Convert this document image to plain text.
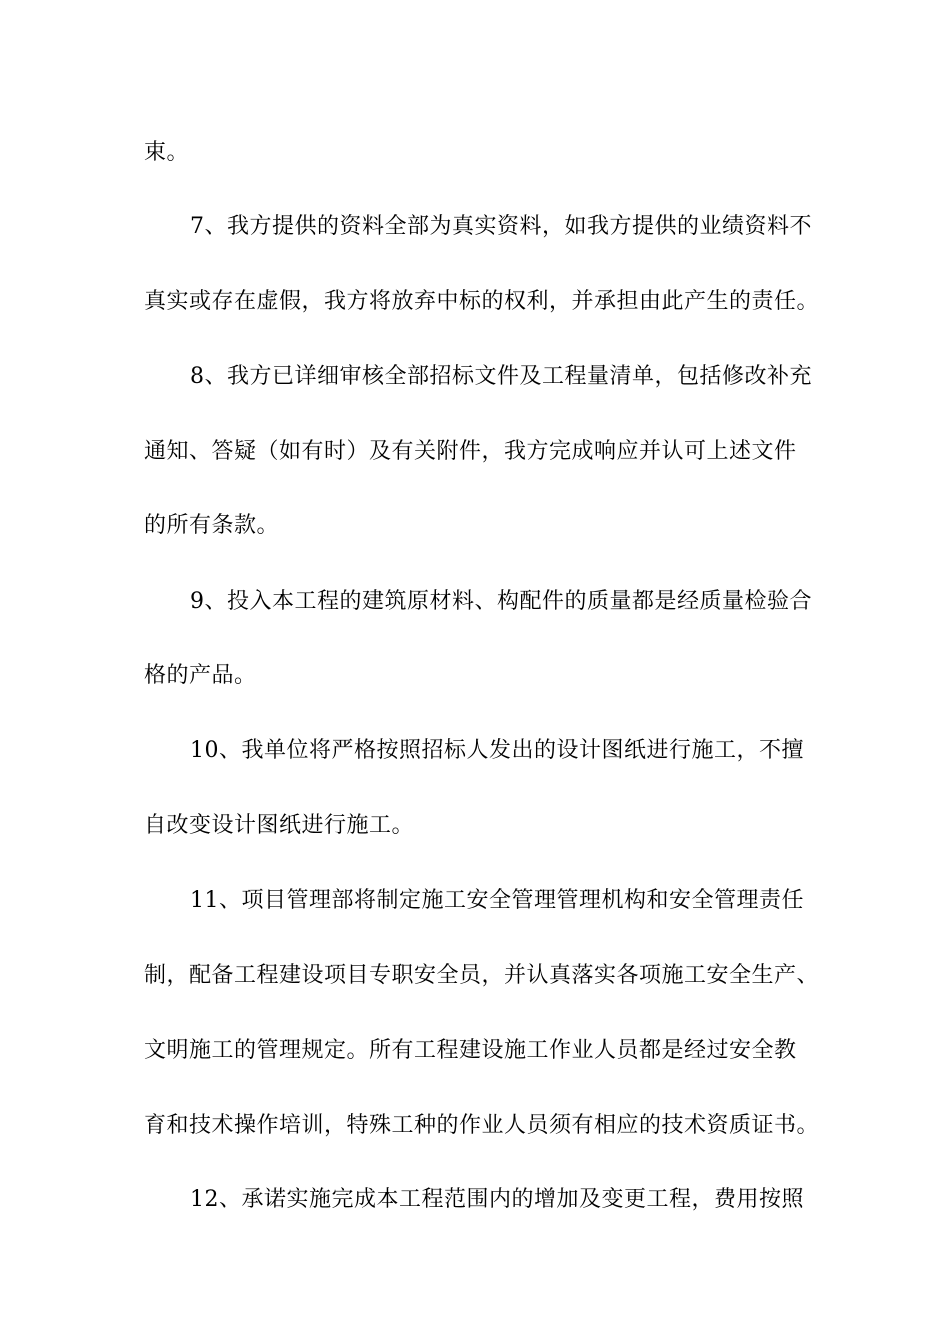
束。
7、我方提供的资料全部为真实资料，如我方提供的业绩资料不
真实或存在虚假，我方将放弃中标的权利，并承担由此产生的责任。
8、我方已详细审核全部招标文件及工程量清单，包括修改补充
通知、答疑（如有时）及有关附件，我方完成响应并认可上述文件
的所有条款。
9、投入本工程的建筑原材料、构配件的质量都是经质量检验合
格的产品。
10、我单位将严格按照招标人发出的设计图纸进行施工，不擅
自改变设计图纸进行施工。
11、项目管理部将制定施工安全管理管理机构和安全管理责任
制，配备工程建设项目专职安全员，并认真落实各项施工安全生产、
文明施工的管理规定。所有工程建设施工作业人员都是经过安全教
育和技术操作培训，特殊工种的作业人员须有相应的技术资质证书。
12、承诺实施完成本工程范围内的增加及变更工程，费用按照
